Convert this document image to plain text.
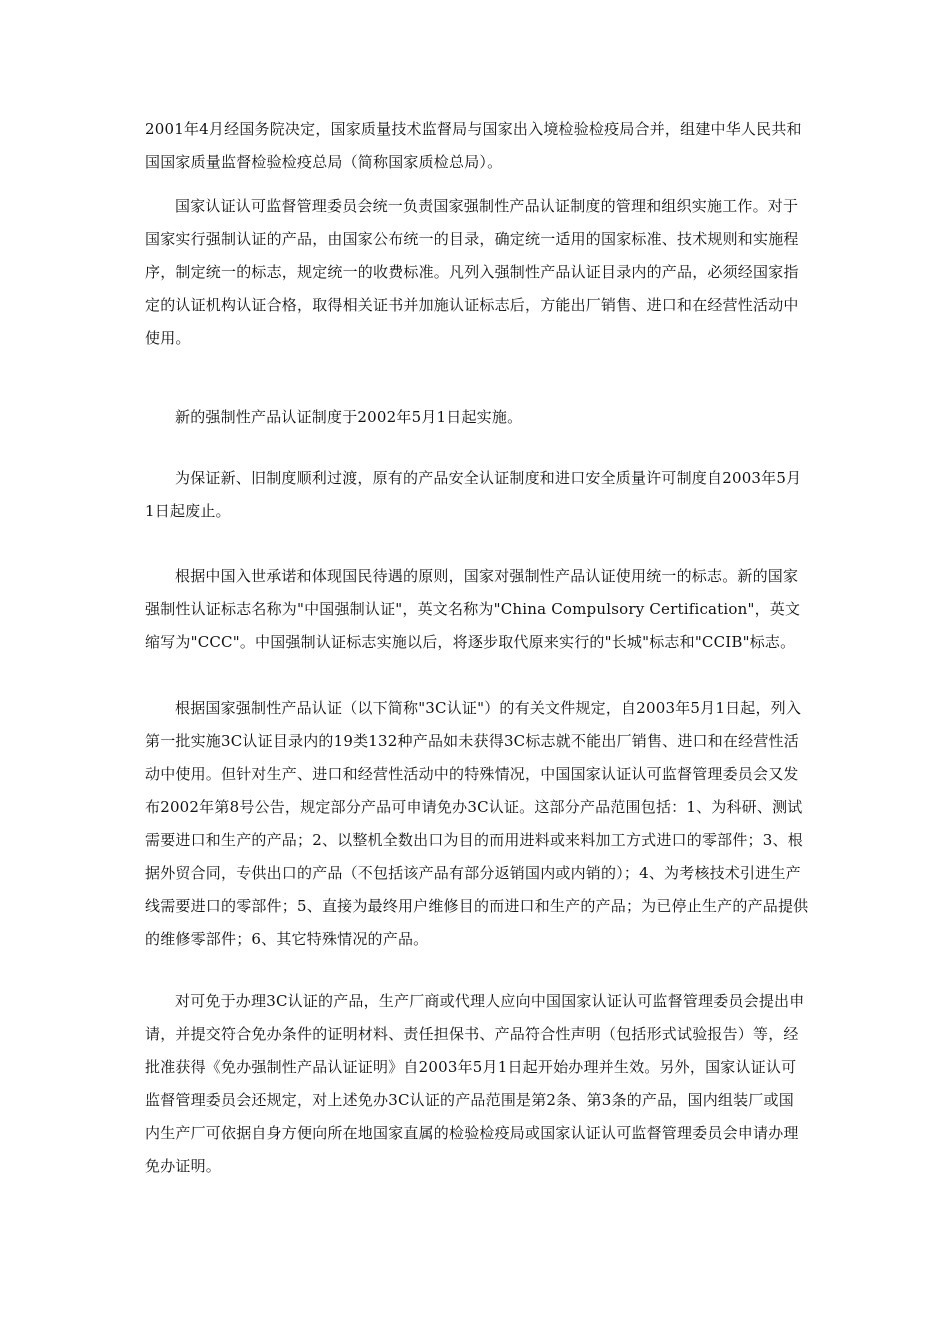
2001年4月经国务院决定，国家质量技术监督局与国家出入境检验检疫局合并，组建中华人民共和国国家质量监督检验检疫总局（简称国家质检总局）。

国家认证认可监督管理委员会统一负责国家强制性产品认证制度的管理和组织实施工作。对于国家实行强制认证的产品，由国家公布统一的目录，确定统一适用的国家标准、技术规则和实施程序，制定统一的标志，规定统一的收费标准。凡列入强制性产品认证目录内的产品，必须经国家指定的认证机构认证合格，取得相关证书并加施认证标志后，方能出厂销售、进口和在经营性活动中使用。

新的强制性产品认证制度于2002年5月1日起实施。

为保证新、旧制度顺利过渡，原有的产品安全认证制度和进口安全质量许可制度自2003年5月1日起废止。

根据中国入世承诺和体现国民待遇的原则，国家对强制性产品认证使用统一的标志。新的国家强制性认证标志名称为"中国强制认证"，英文名称为"China Compulsory Certification"，英文缩写为"CCC"。中国强制认证标志实施以后，将逐步取代原来实行的"长城"标志和"CCIB"标志。

根据国家强制性产品认证（以下简称"3C认证"）的有关文件规定，自2003年5月1日起，列入第一批实施3C认证目录内的19类132种产品如未获得3C标志就不能出厂销售、进口和在经营性活动中使用。但针对生产、进口和经营性活动中的特殊情况，中国国家认证认可监督管理委员会又发布2002年第8号公告，规定部分产品可申请免办3C认证。这部分产品范围包括：1、为科研、测试需要进口和生产的产品；2、以整机全数出口为目的而用进料或来料加工方式进口的零部件；3、根据外贸合同，专供出口的产品（不包括该产品有部分返销国内或内销的）；4、为考核技术引进生产线需要进口的零部件；5、直接为最终用户维修目的而进口和生产的产品；为已停止生产的产品提供的维修零部件；6、其它特殊情况的产品。

对可免于办理3C认证的产品，生产厂商或代理人应向中国国家认证认可监督管理委员会提出申请，并提交符合免办条件的证明材料、责任担保书、产品符合性声明（包括形式试验报告）等，经批准获得《免办强制性产品认证证明》自2003年5月1日起开始办理并生效。另外，国家认证认可监督管理委员会还规定，对上述免办3C认证的产品范围是第2条、第3条的产品，国内组装厂或国内生产厂可依据自身方便向所在地国家直属的检验检疫局或国家认证认可监督管理委员会申请办理免办证明。
